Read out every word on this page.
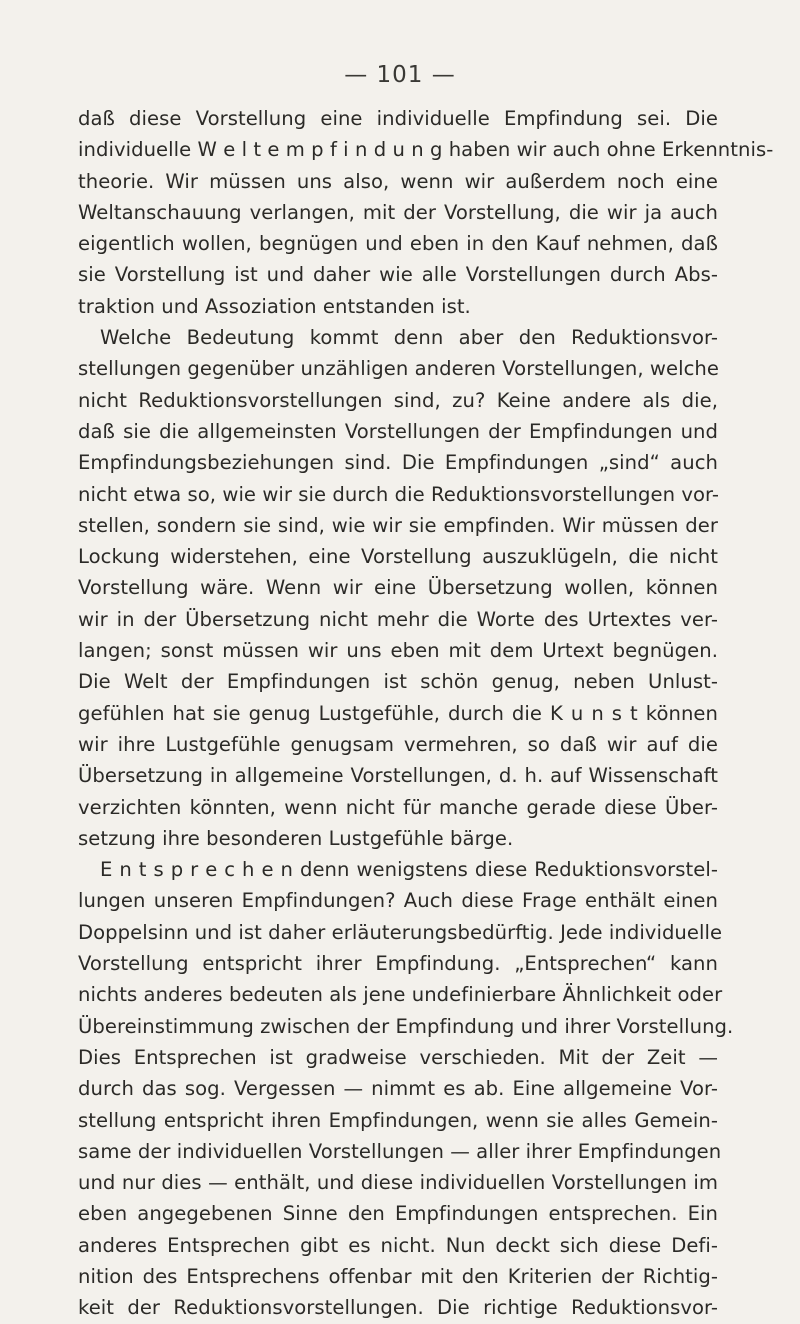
— 101 —
daß diese Vorstellung eine individuelle Empfindung sei. Die
individuelle W e l t e m p f i n d u n g haben wir auch ohne Erkenntnis-
theorie. Wir müssen uns also, wenn wir außerdem noch eine
Weltanschauung verlangen, mit der Vorstellung, die wir ja auch
eigentlich wollen, begnügen und eben in den Kauf nehmen, daß
sie Vorstellung ist und daher wie alle Vorstellungen durch Abs-
traktion und Assoziation entstanden ist.
Welche Bedeutung kommt denn aber den Reduktionsvor-
stellungen gegenüber unzähligen anderen Vorstellungen, welche
nicht Reduktionsvorstellungen sind, zu? Keine andere als die,
daß sie die allgemeinsten Vorstellungen der Empfindungen und
Empfindungsbeziehungen sind. Die Empfindungen „sind“ auch
nicht etwa so, wie wir sie durch die Reduktionsvorstellungen vor-
stellen, sondern sie sind, wie wir sie empfinden. Wir müssen der
Lockung widerstehen, eine Vorstellung auszuklügeln, die nicht
Vorstellung wäre. Wenn wir eine Übersetzung wollen, können
wir in der Übersetzung nicht mehr die Worte des Urtextes ver-
langen; sonst müssen wir uns eben mit dem Urtext begnügen.
Die Welt der Empfindungen ist schön genug, neben Unlust-
gefühlen hat sie genug Lustgefühle, durch die K u n s t können
wir ihre Lustgefühle genugsam vermehren, so daß wir auf die
Übersetzung in allgemeine Vorstellungen, d. h. auf Wissenschaft
verzichten könnten, wenn nicht für manche gerade diese Über-
setzung ihre besonderen Lustgefühle bärge.
E n t s p r e c h e n denn wenigstens diese Reduktionsvorstel-
lungen unseren Empfindungen? Auch diese Frage enthält einen
Doppelsinn und ist daher erläuterungsbedürftig. Jede individuelle
Vorstellung entspricht ihrer Empfindung. „Entsprechen“ kann
nichts anderes bedeuten als jene undefinierbare Ähnlichkeit oder
Übereinstimmung zwischen der Empfindung und ihrer Vorstellung.
Dies Entsprechen ist gradweise verschieden. Mit der Zeit —
durch das sog. Vergessen — nimmt es ab. Eine allgemeine Vor-
stellung entspricht ihren Empfindungen, wenn sie alles Gemein-
same der individuellen Vorstellungen — aller ihrer Empfindungen
und nur dies — enthält, und diese individuellen Vorstellungen im
eben angegebenen Sinne den Empfindungen entsprechen. Ein
anderes Entsprechen gibt es nicht. Nun deckt sich diese Defi-
nition des Entsprechens offenbar mit den Kriterien der Richtig-
keit der Reduktionsvorstellungen. Die richtige Reduktionsvor-
